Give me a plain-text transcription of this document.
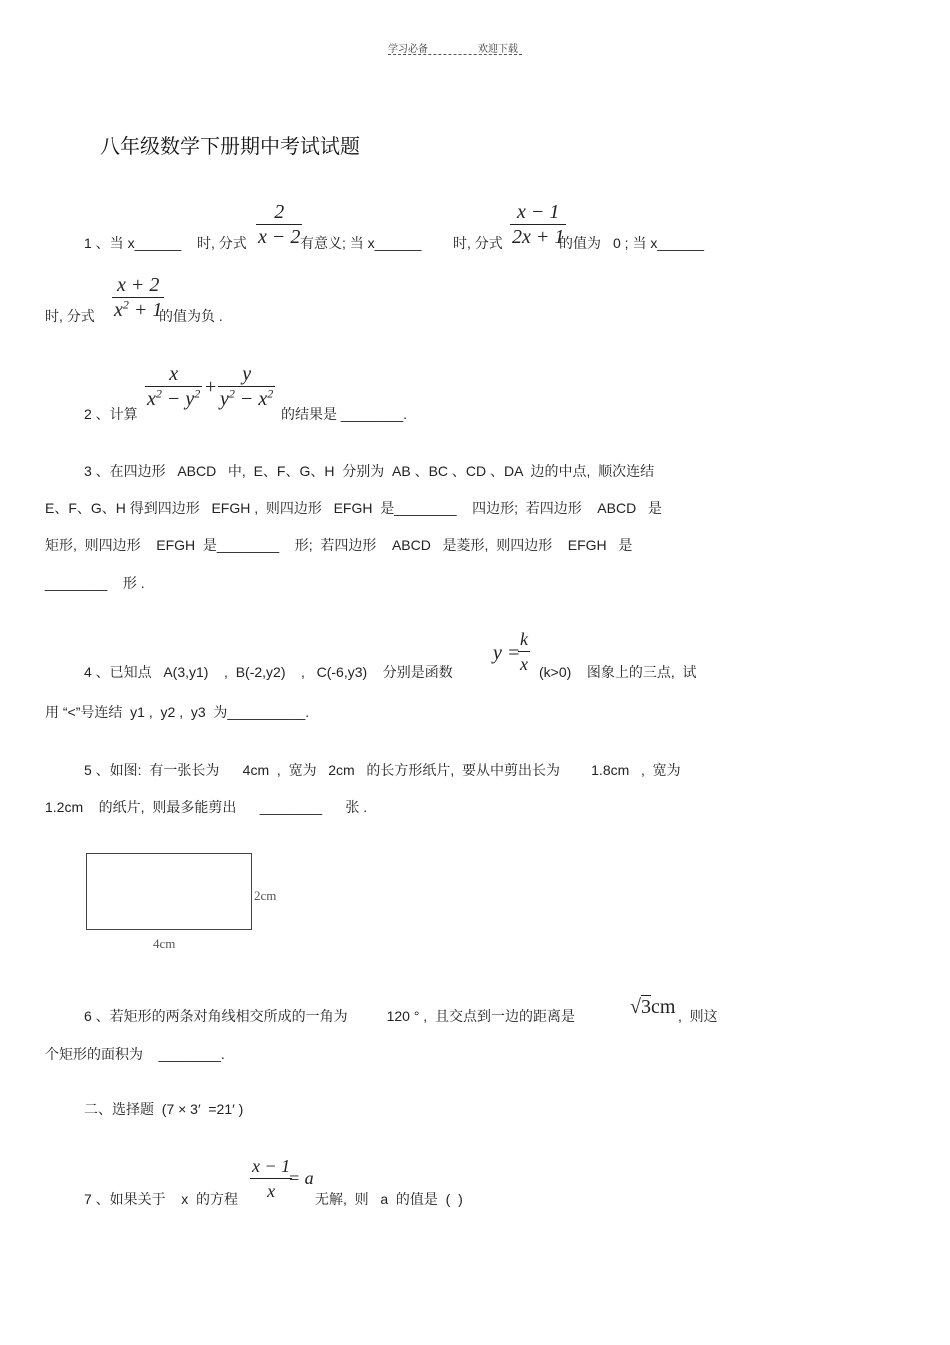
学习必备	欢迎下载
八年级数学下册期中考试试题
1 、当 x______ 时, 分式
2
x − 2 有意义; 当 x______ 时, 分式
x − 1
2x + 1
的值为 0 ; 当 x______
时, 分式
x + 2
$x^2 + 1$
的值为负 .
2 、计算
x
$x^2 - y^2$ +
y
$y^2 - x^2$
的结果是 ________.
3 、在四边形   ABCD   中,  E、F、G、H  分别为  AB 、BC 、CD 、DA  边的中点,  顺次连结
E、F、G、H 得到四边形   EFGH ,  则四边形   EFGH  是________    四边形;  若四边形    ABCD   是
矩形,  则四边形    EFGH  是________    形;  若四边形    ABCD   是菱形,  则四边形    EFGH   是
________    形 .
4 、已知点   A(3,y1)    ,  B(-2,y2)    ,   C(-6,y3)    分别是函数
y =
k
x (k>0)    图象上的三点,  试
用 “<”号连结  y1 ,  y2 ,  y3  为__________.
5 、如图:  有一张长为      4cm  ,  宽为   2cm   的长方形纸片,  要从中剪出长为        1.8cm   ,  宽为
1.2cm    的纸片,  则最多能剪出      ________      张 .
2cm
4cm
6 、若矩形的两条对角线相交所成的一角为          120 ° ,  且交点到一边的距离是	√3cm ,  则这
个矩形的面积为    ________.
二、选择题  (7 × 3′  =21′ )
7 、如果关于    x  的方程
x − 1
x
= a
无解,  则   a  的值是  (  )
